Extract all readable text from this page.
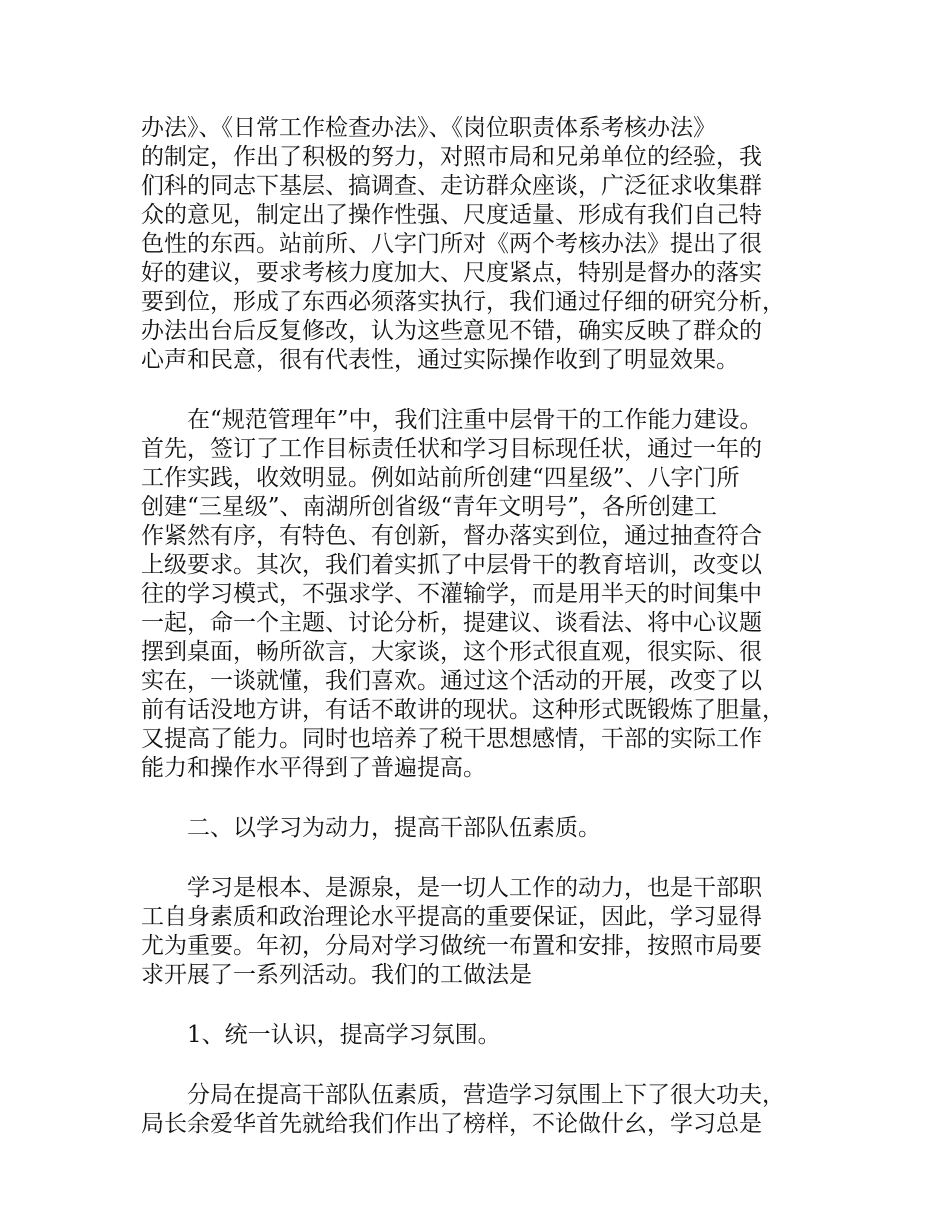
办法》、《日常工作检查办法》、《岗位职责体系考核办法》
的制定，作出了积极的努力，对照市局和兄弟单位的经验，我
们科的同志下基层、搞调查、走访群众座谈，广泛征求收集群
众的意见，制定出了操作性强、尺度适量、形成有我们自己特
色性的东西。站前所、八字门所对《两个考核办法》提出了很
好的建议，要求考核力度加大、尺度紧点，特别是督办的落实
要到位，形成了东西必须落实执行，我们通过仔细的研究分析，
办法出台后反复修改，认为这些意见不错，确实反映了群众的
心声和民意，很有代表性，通过实际操作收到了明显效果。
在“规范管理年”中，我们注重中层骨干的工作能力建设。
首先，签订了工作目标责任状和学习目标现任状，通过一年的
工作实践，收效明显。例如站前所创建“四星级”、八字门所
创建“三星级”、南湖所创省级“青年文明号”，各所创建工
作紧然有序，有特色、有创新，督办落实到位，通过抽查符合
上级要求。其次，我们着实抓了中层骨干的教育培训，改变以
往的学习模式，不强求学、不灌输学，而是用半天的时间集中
一起，命一个主题、讨论分析，提建议、谈看法、将中心议题
摆到桌面，畅所欲言，大家谈，这个形式很直观，很实际、很
实在，一谈就懂，我们喜欢。通过这个活动的开展，改变了以
前有话没地方讲，有话不敢讲的现状。这种形式既锻炼了胆量，
又提高了能力。同时也培养了税干思想感情，干部的实际工作
能力和操作水平得到了普遍提高。
二、以学习为动力，提高干部队伍素质。
学习是根本、是源泉，是一切人工作的动力，也是干部职
工自身素质和政治理论水平提高的重要保证，因此，学习显得
尤为重要。年初，分局对学习做统一布置和安排，按照市局要
求开展了一系列活动。我们的工做法是
1、统一认识，提高学习氛围。
分局在提高干部队伍素质，营造学习氛围上下了很大功夫，
局长余爱华首先就给我们作出了榜样，不论做什幺，学习总是
